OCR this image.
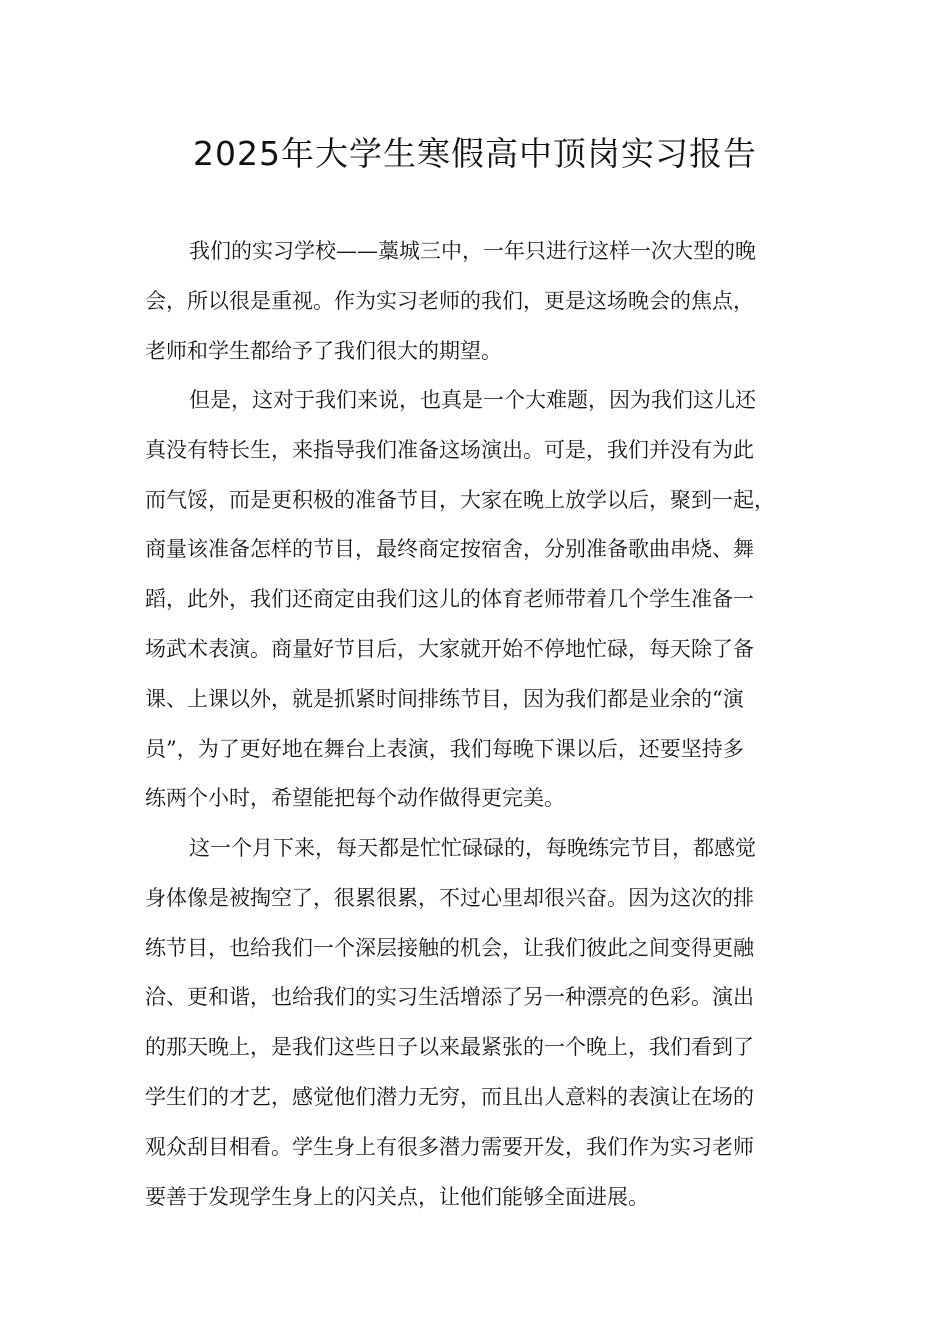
2025年大学生寒假高中顶岗实习报告

我们的实习学校——藁城三中，一年只进行这样一次大型的晚
会，所以很是重视。作为实习老师的我们，更是这场晚会的焦点，
老师和学生都给予了我们很大的期望。

但是，这对于我们来说，也真是一个大难题，因为我们这儿还
真没有特长生，来指导我们准备这场演出。可是，我们并没有为此
而气馁，而是更积极的准备节目，大家在晚上放学以后，聚到一起，
商量该准备怎样的节目，最终商定按宿舍，分别准备歌曲串烧、舞
蹈，此外，我们还商定由我们这儿的体育老师带着几个学生准备一
场武术表演。商量好节目后，大家就开始不停地忙碌，每天除了备
课、上课以外，就是抓紧时间排练节目，因为我们都是业余的“演
员”，为了更好地在舞台上表演，我们每晚下课以后，还要坚持多
练两个小时，希望能把每个动作做得更完美。

这一个月下来，每天都是忙忙碌碌的，每晚练完节目，都感觉
身体像是被掏空了，很累很累，不过心里却很兴奋。因为这次的排
练节目，也给我们一个深层接触的机会，让我们彼此之间变得更融
洽、更和谐，也给我们的实习生活增添了另一种漂亮的色彩。演出
的那天晚上，是我们这些日子以来最紧张的一个晚上，我们看到了
学生们的才艺，感觉他们潜力无穷，而且出人意料的表演让在场的
观众刮目相看。学生身上有很多潜力需要开发，我们作为实习老师
要善于发现学生身上的闪关点，让他们能够全面进展。
